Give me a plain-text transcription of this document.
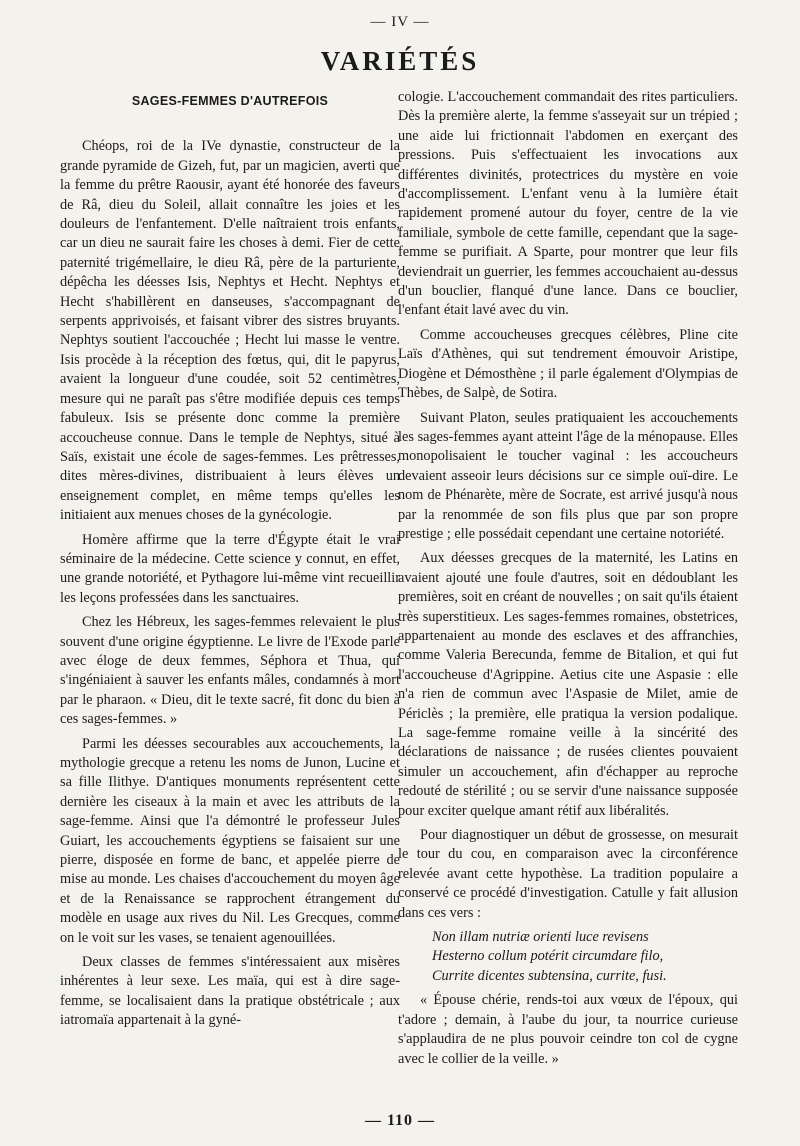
— IV —
VARIÉTÉS
SAGES-FEMMES D'AUTREFOIS

Chéops, roi de la IVe dynastie, constructeur de la grande pyramide de Gizeh, fut, par un magicien, averti que la femme du prêtre Raousir, ayant été honorée des faveurs de Râ, dieu du Soleil, allait connaître les joies et les douleurs de l'enfantement. D'elle naîtraient trois enfants, car un dieu ne saurait faire les choses à demi. Fier de cette paternité trigémellaire, le dieu Râ, père de la parturiente, dépêcha les déesses Isis, Nephtys et Hecht. Nephtys et Hecht s'habillèrent en danseuses, s'accompagnant de serpents apprivoisés, et faisant vibrer des sistres bruyants. Nephtys soutient l'accouchée ; Hecht lui masse le ventre. Isis procède à la réception des fœtus, qui, dit le papyrus, avaient la longueur d'une coudée, soit 52 centimètres, mesure qui ne paraît pas s'être modifiée depuis ces temps fabuleux. Isis se présente donc comme la première accoucheuse connue. Dans le temple de Nephtys, situé à Saïs, existait une école de sages-femmes. Les prêtresses, dites mères-divines, distribuaient à leurs élèves un enseignement complet, en même temps qu'elles les initiaient aux menues choses de la gynécologie.

Homère affirme que la terre d'Égypte était le vrai séminaire de la médecine. Cette science y connut, en effet, une grande notoriété, et Pythagore lui-même vint recueillir les leçons professées dans les sanctuaires.

Chez les Hébreux, les sages-femmes relevaient le plus souvent d'une origine égyptienne. Le livre de l'Exode parle avec éloge de deux femmes, Séphora et Thua, qui s'ingéniaient à sauver les enfants mâles, condamnés à mort par le pharaon. « Dieu, dit le texte sacré, fit donc du bien à ces sages-femmes. »

Parmi les déesses secourables aux accouchements, la mythologie grecque a retenu les noms de Junon, Lucine et sa fille Ilithye. D'antiques monuments représentent cette dernière les ciseaux à la main et avec les attributs de la sage-femme. Ainsi que l'a démontré le professeur Jules Guiart, les accouchements égyptiens se faisaient sur une pierre, disposée en forme de banc, et appelée pierre de mise au monde. Les chaises d'accouchement du moyen âge et de la Renaissance se rapprochent étrangement du modèle en usage aux rives du Nil. Les Grecques, comme on le voit sur les vases, se tenaient agenouillées.

Deux classes de femmes s'intéressaient aux misères inhérentes à leur sexe. Les maïa, qui est à dire sage-femme, se localisaient dans la pratique obstétricale ; aux iatromaïa appartenait à la gyné-

cologie. L'accouchement commandait des rites particuliers. Dès la première alerte, la femme s'asseyait sur un trépied ; une aide lui frictionnait l'abdomen en exerçant des pressions. Puis s'effectuaient les invocations aux différentes divinités, protectrices du mystère en voie d'accomplissement. L'enfant venu à la lumière était rapidement promené autour du foyer, centre de la vie familiale, symbole de cette famille, cependant que la sage-femme se purifiait. A Sparte, pour montrer que leur fils deviendrait un guerrier, les femmes accouchaient au-dessus d'un bouclier, flanqué d'une lance. Dans ce bouclier, l'enfant était lavé avec du vin.

Comme accoucheuses grecques célèbres, Pline cite Laïs d'Athènes, qui sut tendrement émouvoir Aristipe, Diogène et Démosthène ; il parle également d'Olympias de Thèbes, de Salpè, de Sotira.

Suivant Platon, seules pratiquaient les accouchements les sages-femmes ayant atteint l'âge de la ménopause. Elles monopolisaient le toucher vaginal : les accoucheurs devaient asseoir leurs décisions sur ce simple ouï-dire. Le nom de Phénarète, mère de Socrate, est arrivé jusqu'à nous par la renommée de son fils plus que par son propre prestige ; elle possédait cependant une certaine notoriété.

Aux déesses grecques de la maternité, les Latins en avaient ajouté une foule d'autres, soit en dédoublant les premières, soit en créant de nouvelles ; on sait qu'ils étaient très superstitieux. Les sages-femmes romaines, obstetrices, appartenaient au monde des esclaves et des affranchies, comme Valeria Berecunda, femme de Bitalion, et qui fut l'accoucheuse d'Agrippine. Aetius cite une Aspasie : elle n'a rien de commun avec l'Aspasie de Milet, amie de Périclès ; la première, elle pratiqua la version podalique. La sage-femme romaine veille à la sincérité des déclarations de naissance ; de rusées clientes pouvaient simuler un accouchement, afin d'échapper au reproche redouté de stérilité ; ou se servir d'une naissance supposée pour exciter quelque amant rétif aux libéralités.

Pour diagnostiquer un début de grossesse, on mesurait le tour du cou, en comparaison avec la circonférence relevée avant cette hypothèse. La tradition populaire a conservé ce procédé d'investigation. Catulle y fait allusion dans ces vers :

Non illam nutriæ orienti luce revisens
Hesterno collum potérit circumdare filo,
Currite dicentes subtensina, currite, fusi.

« Épouse chérie, rends-toi aux vœux de l'époux, qui t'adore ; demain, à l'aube du jour, ta nourrice curieuse s'applaudira de ne plus pouvoir ceindre ton col de cygne avec le collier de la veille. »

— 110 —
